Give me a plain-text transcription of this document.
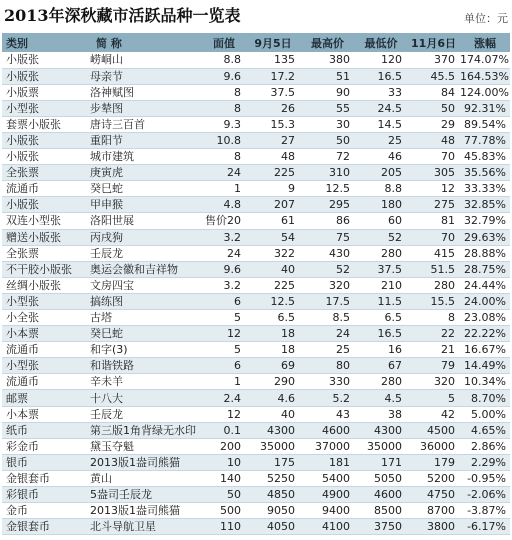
2013年深秋藏市活跃品种一览表	单位：元
类别	简 称	面值	9月5日	最高价	最低价	11月6日	涨幅
小版张	崂峒山	8.8	135	380	120	370	174.07%
小版张	母亲节	9.6	17.2	51	16.5	45.5	164.53%
小版票	洛神赋图	8	37.5	90	33	84	124.00%
小型张	步辇图	8	26	55	24.5	50	92.31%
套票小版张	唐诗三百首	9.3	15.3	30	14.5	29	89.54%
小版张	重阳节	10.8	27	50	25	48	77.78%
小版张	城市建筑	8	48	72	46	70	45.83%
全张票	庚寅虎	24	225	310	205	305	35.56%
流通币	癸巳蛇	1	9	12.5	8.8	12	33.33%
小版张	甲申猴	4.8	207	295	180	275	32.85%
双连小型张	洛阳世展	售价20	61	86	60	81	32.79%
赠送小版张	丙戌狗	3.2	54	75	52	70	29.63%
全张票	壬辰龙	24	322	430	280	415	28.88%
不干胶小版张	奥运会徽和吉祥物	9.6	40	52	37.5	51.5	28.75%
丝绸小版张	文房四宝	3.2	225	320	210	280	24.44%
小型张	搞练图	6	12.5	17.5	11.5	15.5	24.00%
小全张	古塔	5	6.5	8.5	6.5	8	23.08%
小本票	癸巳蛇	12	18	24	16.5	22	22.22%
流通币	和字(3)	5	18	25	16	21	16.67%
小型张	和谐铁路	6	69	80	67	79	14.49%
流通币	辛未羊	1	290	330	280	320	10.34%
邮票	十八大	2.4	4.6	5.2	4.5	5	8.70%
小本票	壬辰龙	12	40	43	38	42	5.00%
纸币	第三版1角背绿无水印	0.1	4300	4600	4300	4500	4.65%
彩金币	黛玉夺魁	200	35000	37000	35000	36000	2.86%
银币	2013版1盎司熊猫	10	175	181	171	179	2.29%
金银套币	黄山	140	5250	5400	5050	5200	-0.95%
彩银币	5盎司壬辰龙	50	4850	4900	4600	4750	-2.06%
金币	2013版1盎司熊猫	500	9050	9400	8500	8700	-3.87%
金银套币	北斗导航卫星	110	4050	4100	3750	3800	-6.17%
